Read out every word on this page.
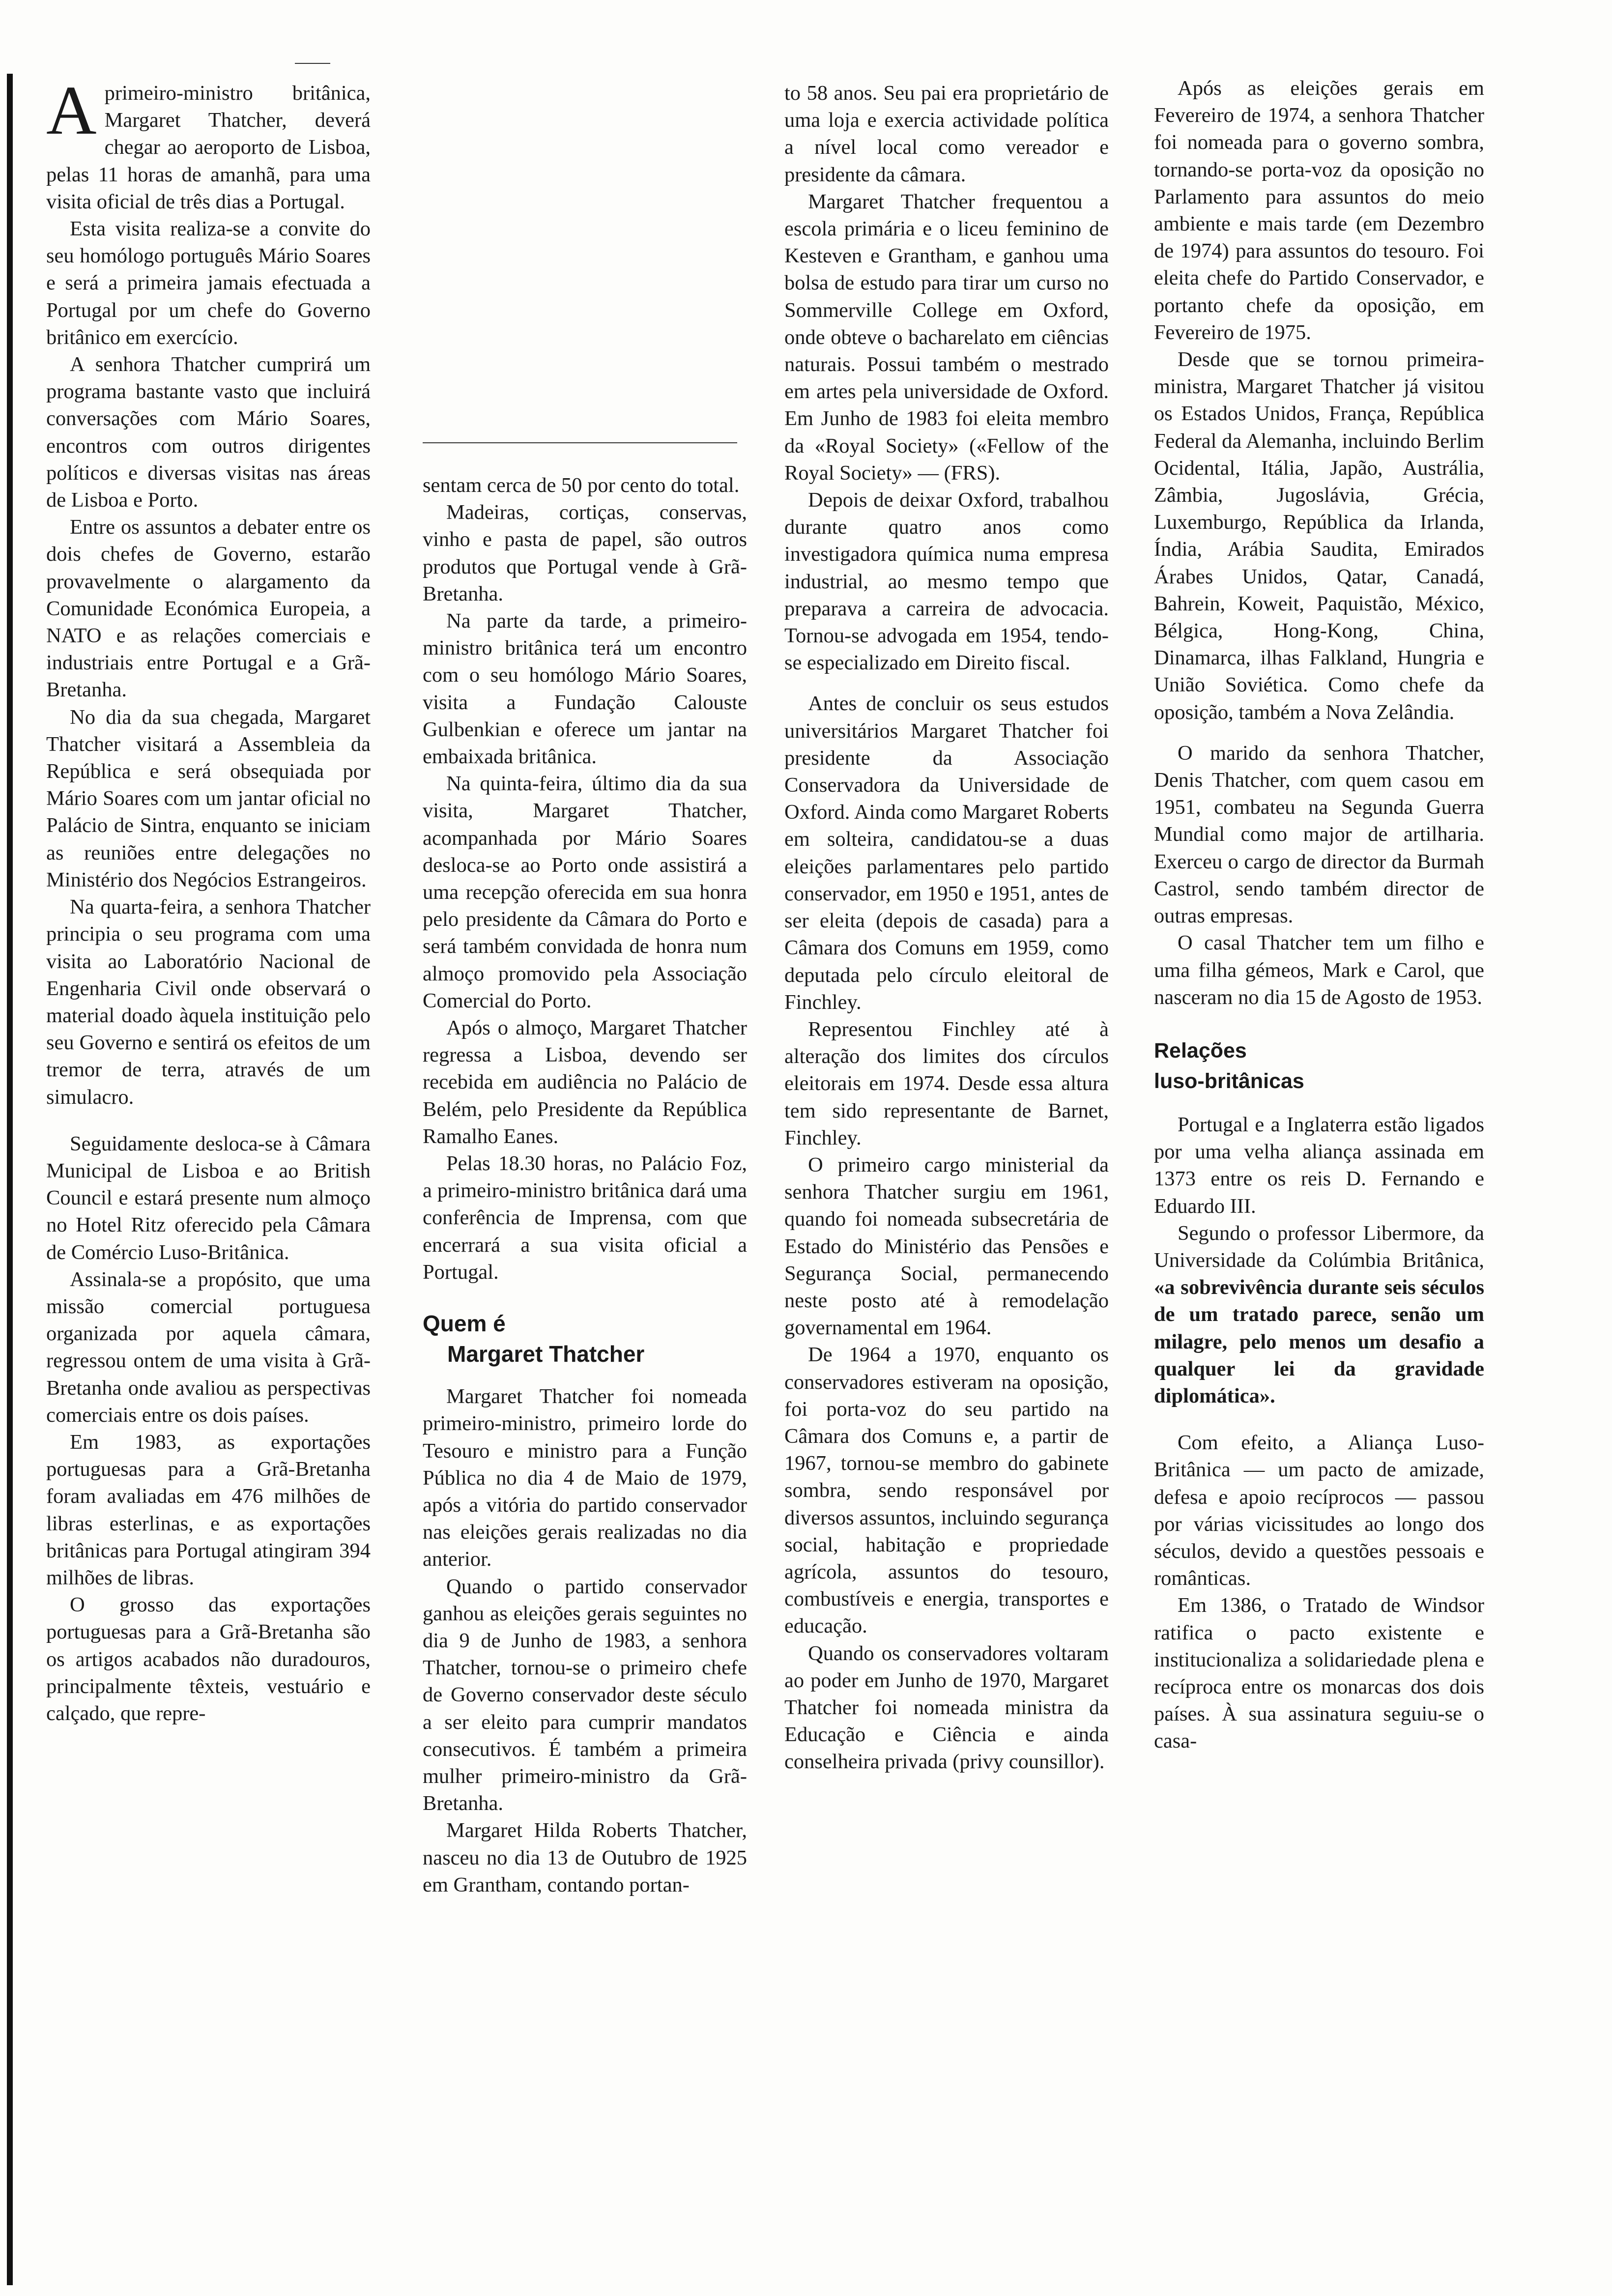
Aprimeiro-ministro britânica, Margaret Thatcher, deverá chegar ao aeroporto de Lisboa, pelas 11 horas de amanhã, para uma visita oficial de três dias a Portugal.

Esta visita realiza-se a convite do seu homólogo português Mário Soares e será a primeira jamais efectuada a Portugal por um chefe do Governo britânico em exercício.

A senhora Thatcher cumprirá um programa bastante vasto que incluirá conversações com Mário Soares, encontros com outros dirigentes políticos e diversas visitas nas áreas de Lisboa e Porto.

Entre os assuntos a debater entre os dois chefes de Governo, estarão provavelmente o alargamento da Comunidade Económica Europeia, a NATO e as relações comerciais e industriais entre Portugal e a Grã-Bretanha.

No dia da sua chegada, Margaret Thatcher visitará a Assembleia da República e será obsequiada por Mário Soares com um jantar oficial no Palácio de Sintra, enquanto se iniciam as reuniões entre delegações no Ministério dos Negócios Estrangeiros.

Na quarta-feira, a senhora Thatcher principia o seu programa com uma visita ao Laboratório Nacional de Engenharia Civil onde observará o material doado àquela instituição pelo seu Governo e sentirá os efeitos de um tremor de terra, através de um simulacro.

Seguidamente desloca-se à Câmara Municipal de Lisboa e ao British Council e estará presente num almoço no Hotel Ritz oferecido pela Câmara de Comércio Luso-Britânica.

Assinala-se a propósito, que uma missão comercial portuguesa organizada por aquela câmara, regressou ontem de uma visita à Grã-Bretanha onde avaliou as perspectivas comerciais entre os dois países.

Em 1983, as exportações portuguesas para a Grã-Bretanha foram avaliadas em 476 milhões de libras esterlinas, e as exportações britânicas para Portugal atingiram 394 milhões de libras.

O grosso das exportações portuguesas para a Grã-Bretanha são os artigos acabados não duradouros, principalmente têxteis, vestuário e calçado, que repre-

sentam cerca de 50 por cento do total.

Madeiras, cortiças, conservas, vinho e pasta de papel, são outros produtos que Portugal vende à Grã-Bretanha.

Na parte da tarde, a primeiro-ministro britânica terá um encontro com o seu homólogo Mário Soares, visita a Fundação Calouste Gulbenkian e oferece um jantar na embaixada britânica.

Na quinta-feira, último dia da sua visita, Margaret Thatcher, acompanhada por Mário Soares desloca-se ao Porto onde assistirá a uma recepção oferecida em sua honra pelo presidente da Câmara do Porto e será também convidada de honra num almoço promovido pela Associação Comercial do Porto.

Após o almoço, Margaret Thatcher regressa a Lisboa, devendo ser recebida em audiência no Palácio de Belém, pelo Presidente da República Ramalho Eanes.

Pelas 18.30 horas, no Palácio Foz, a primeiro-ministro britânica dará uma conferência de Imprensa, com que encerrará a sua visita oficial a Portugal.

Quem é
Margaret Thatcher

Margaret Thatcher foi nomeada primeiro-ministro, primeiro lorde do Tesouro e ministro para a Função Pública no dia 4 de Maio de 1979, após a vitória do partido conservador nas eleições gerais realizadas no dia anterior.

Quando o partido conservador ganhou as eleições gerais seguintes no dia 9 de Junho de 1983, a senhora Thatcher, tornou-se o primeiro chefe de Governo conservador deste século a ser eleito para cumprir mandatos consecutivos. É também a primeira mulher primeiro-ministro da Grã-Bretanha.

Margaret Hilda Roberts Thatcher, nasceu no dia 13 de Outubro de 1925 em Grantham, contando portan-

to 58 anos. Seu pai era proprietário de uma loja e exercia actividade política a nível local como vereador e presidente da câmara.

Margaret Thatcher frequentou a escola primária e o liceu feminino de Kesteven e Grantham, e ganhou uma bolsa de estudo para tirar um curso no Sommerville College em Oxford, onde obteve o bacharelato em ciências naturais. Possui também o mestrado em artes pela universidade de Oxford. Em Junho de 1983 foi eleita membro da «Royal Society» («Fellow of the Royal Society» — (FRS).

Depois de deixar Oxford, trabalhou durante quatro anos como investigadora química numa empresa industrial, ao mesmo tempo que preparava a carreira de advocacia. Tornou-se advogada em 1954, tendo-se especializado em Direito fiscal.

Antes de concluir os seus estudos universitários Margaret Thatcher foi presidente da Associação Conservadora da Universidade de Oxford. Ainda como Margaret Roberts em solteira, candidatou-se a duas eleições parlamentares pelo partido conservador, em 1950 e 1951, antes de ser eleita (depois de casada) para a Câmara dos Comuns em 1959, como deputada pelo círculo eleitoral de Finchley.

Representou Finchley até à alteração dos limites dos círculos eleitorais em 1974. Desde essa altura tem sido representante de Barnet, Finchley.

O primeiro cargo ministerial da senhora Thatcher surgiu em 1961, quando foi nomeada subsecretária de Estado do Ministério das Pensões e Segurança Social, permanecendo neste posto até à remodelação governamental em 1964.

De 1964 a 1970, enquanto os conservadores estiveram na oposição, foi porta-voz do seu partido na Câmara dos Comuns e, a partir de 1967, tornou-se membro do gabinete sombra, sendo responsável por diversos assuntos, incluindo segurança social, habitação e propriedade agrícola, assuntos do tesouro, combustíveis e energia, transportes e educação.

Quando os conservadores voltaram ao poder em Junho de 1970, Margaret Thatcher foi nomeada ministra da Educação e Ciência e ainda conselheira privada (privy counsillor).

Após as eleições gerais em Fevereiro de 1974, a senhora Thatcher foi nomeada para o governo sombra, tornando-se porta-voz da oposição no Parlamento para assuntos do meio ambiente e mais tarde (em Dezembro de 1974) para assuntos do tesouro. Foi eleita chefe do Partido Conservador, e portanto chefe da oposição, em Fevereiro de 1975.

Desde que se tornou primeira-ministra, Margaret Thatcher já visitou os Estados Unidos, França, República Federal da Alemanha, incluindo Berlim Ocidental, Itália, Japão, Austrália, Zâmbia, Jugoslávia, Grécia, Luxemburgo, República da Irlanda, Índia, Arábia Saudita, Emirados Árabes Unidos, Qatar, Canadá, Bahrein, Koweit, Paquistão, México, Bélgica, Hong-Kong, China, Dinamarca, ilhas Falkland, Hungria e União Soviética. Como chefe da oposição, também a Nova Zelândia.

O marido da senhora Thatcher, Denis Thatcher, com quem casou em 1951, combateu na Segunda Guerra Mundial como major de artilharia. Exerceu o cargo de director da Burmah Castrol, sendo também director de outras empresas.

O casal Thatcher tem um filho e uma filha gémeos, Mark e Carol, que nasceram no dia 15 de Agosto de 1953.

Relações
luso-britânicas

Portugal e a Inglaterra estão ligados por uma velha aliança assinada em 1373 entre os reis D. Fernando e Eduardo III.

Segundo o professor Libermore, da Universidade da Colúmbia Britânica, «a sobrevivência durante seis séculos de um tratado parece, senão um milagre, pelo menos um desafio a qualquer lei da gravidade diplomática».

Com efeito, a Aliança Luso-Britânica — um pacto de amizade, defesa e apoio recíprocos — passou por várias vicissitudes ao longo dos séculos, devido a questões pessoais e românticas.

Em 1386, o Tratado de Windsor ratifica o pacto existente e institucionaliza a solidariedade plena e recíproca entre os monarcas dos dois países. À sua assinatura seguiu-se o casa-
